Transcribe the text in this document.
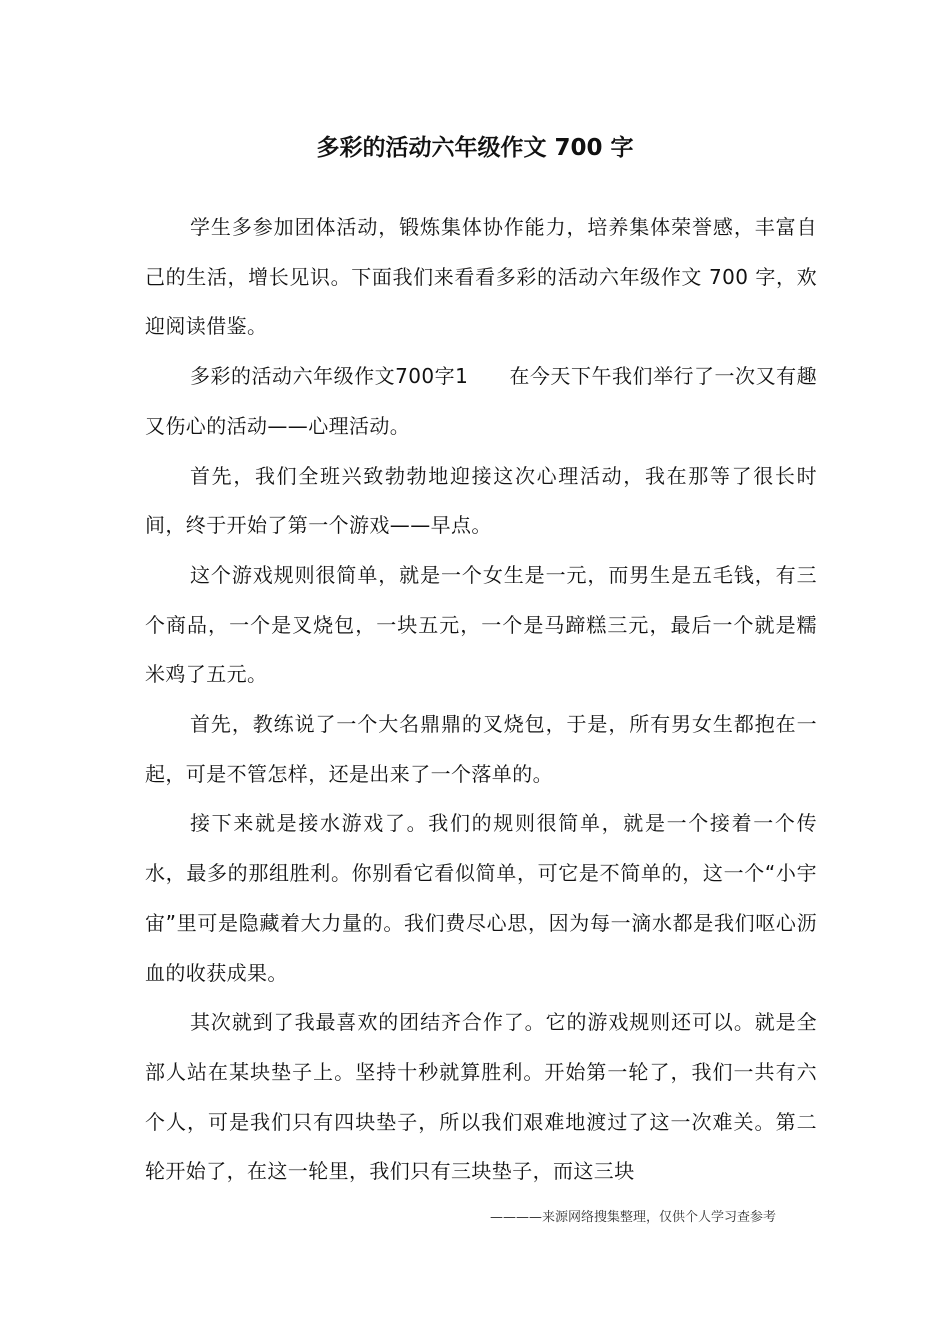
多彩的活动六年级作文 700 字

学生多参加团体活动，锻炼集体协作能力，培养集体荣誉感，丰富自己的生活，增长见识。下面我们来看看多彩的活动六年级作文 700 字，欢迎阅读借鉴。

多彩的活动六年级作文700字1　　在今天下午我们举行了一次又有趣又伤心的活动——心理活动。

首先，我们全班兴致勃勃地迎接这次心理活动，我在那等了很长时间，终于开始了第一个游戏——早点。

这个游戏规则很简单，就是一个女生是一元，而男生是五毛钱，有三个商品，一个是叉烧包，一块五元，一个是马蹄糕三元，最后一个就是糯米鸡了五元。

首先，教练说了一个大名鼎鼎的叉烧包，于是，所有男女生都抱在一起，可是不管怎样，还是出来了一个落单的。

接下来就是接水游戏了。我们的规则很简单，就是一个接着一个传水，最多的那组胜利。你别看它看似简单，可它是不简单的，这一个“小宇宙”里可是隐藏着大力量的。我们费尽心思，因为每一滴水都是我们呕心沥血的收获成果。

其次就到了我最喜欢的团结齐合作了。它的游戏规则还可以。就是全部人站在某块垫子上。坚持十秒就算胜利。开始第一轮了，我们一共有六个人，可是我们只有四块垫子，所以我们艰难地渡过了这一次难关。第二轮开始了，在这一轮里，我们只有三块垫子，而这三块

————来源网络搜集整理，仅供个人学习查参考
